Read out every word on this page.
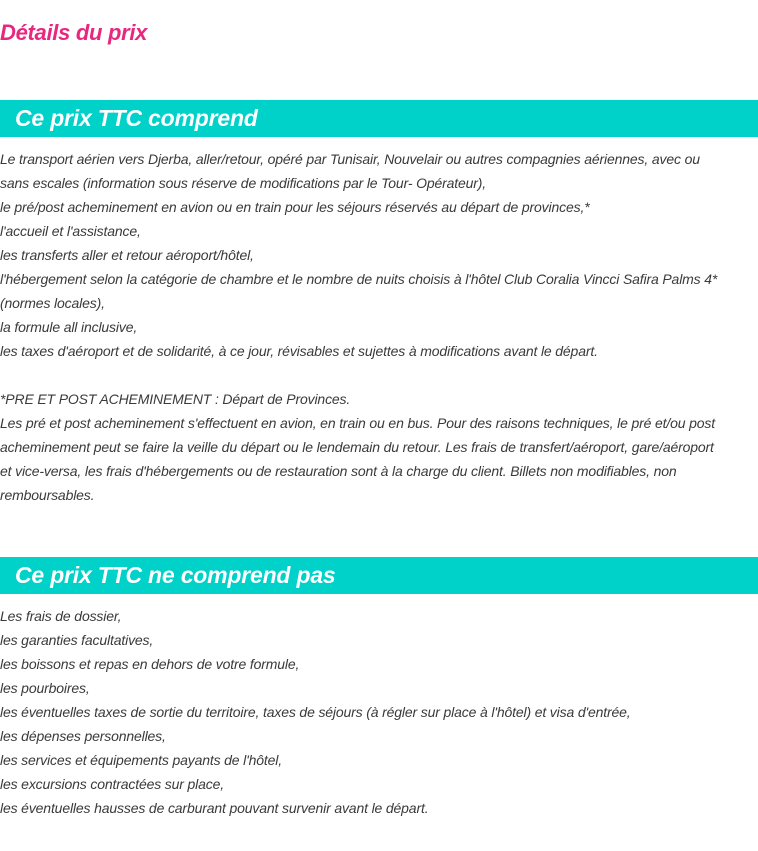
Détails du prix
Ce prix TTC comprend
Le transport aérien vers Djerba, aller/retour, opéré par Tunisair, Nouvelair ou autres compagnies aériennes, avec ou
sans escales (information sous réserve de modifications par le Tour- Opérateur),
le pré/post acheminement en avion ou en train pour les séjours réservés au départ de provinces,*
l'accueil et l'assistance,
les transferts aller et retour aéroport/hôtel,
l'hébergement selon la catégorie de chambre et le nombre de nuits choisis à l'hôtel Club Coralia Vincci Safira Palms 4*
(normes locales),
la formule all inclusive,
les taxes d'aéroport et de solidarité, à ce jour, révisables et sujettes à modifications avant le départ.
*PRE ET POST ACHEMINEMENT : Départ de Provinces.
Les pré et post acheminement s'effectuent en avion, en train ou en bus. Pour des raisons techniques, le pré et/ou post
acheminement peut se faire la veille du départ ou le lendemain du retour. Les frais de transfert/aéroport, gare/aéroport
et vice-versa, les frais d'hébergements ou de restauration sont à la charge du client. Billets non modifiables, non
remboursables.
Ce prix TTC ne comprend pas
Les frais de dossier,
les garanties facultatives,
les boissons et repas en dehors de votre formule,
les pourboires,
les éventuelles taxes de sortie du territoire, taxes de séjours (à régler sur place à l'hôtel) et visa d'entrée,
les dépenses personnelles,
les services et équipements payants de l'hôtel,
les excursions contractées sur place,
les éventuelles hausses de carburant pouvant survenir avant le départ.
